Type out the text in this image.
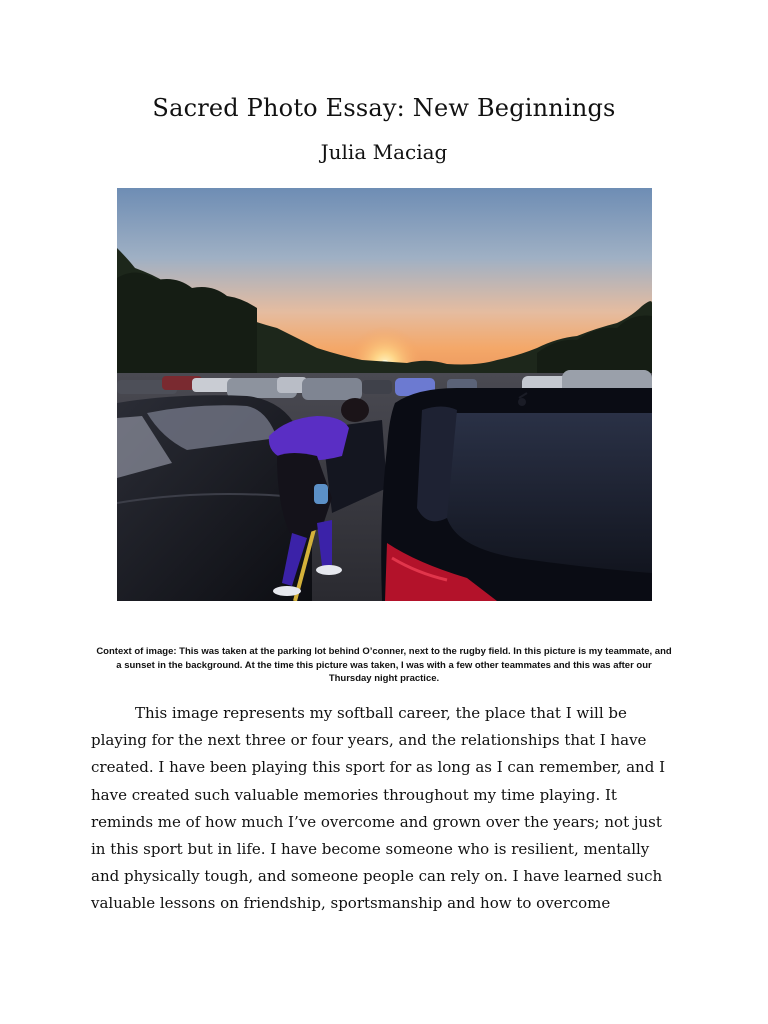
Sacred Photo Essay: New Beginnings
Julia Maciag
Context of image: This was taken at the parking lot behind O’conner, next to the rugby field. In this picture is my teammate, and a sunset in the background. At the time this picture was taken, I was with a few other teammates and this was after our Thursday night practice.
This image represents my softball career, the place that I will be
playing for the next three or four years, and the relationships that I have
created. I have been playing this sport for as long as I can remember, and I
have created such valuable memories throughout my time playing. It
reminds me of how much I’ve overcome and grown over the years; not just
in this sport but in life. I have become someone who is resilient, mentally
and physically tough, and someone people can rely on. I have learned such
valuable lessons on friendship, sportsmanship and how to overcome
